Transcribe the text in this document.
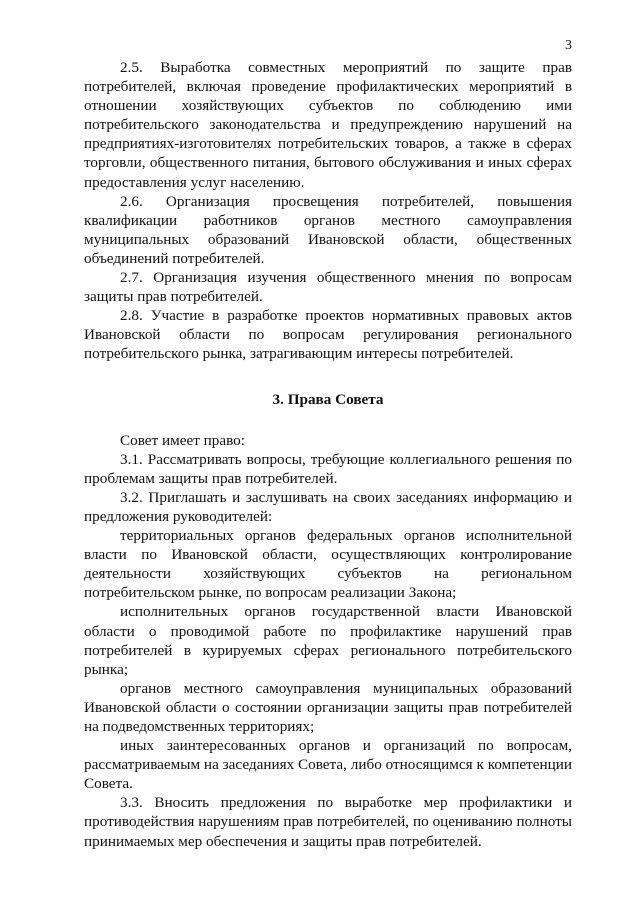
3

2.5. Выработка совместных мероприятий по защите прав потребителей, включая проведение профилактических мероприятий в отношении хозяйствующих субъектов по соблюдению ими потребительского законодательства и предупреждению нарушений на предприятиях-изготовителях потребительских товаров, а также в сферах торговли, общественного питания, бытового обслуживания и иных сферах предоставления услуг населению.

2.6. Организация просвещения потребителей, повышения квалификации работников органов местного самоуправления муниципальных образований Ивановской области, общественных объединений потребителей.

2.7. Организация изучения общественного мнения по вопросам защиты прав потребителей.

2.8. Участие в разработке проектов нормативных правовых актов Ивановской области по вопросам регулирования регионального потребительского рынка, затрагивающим интересы потребителей.

3. Права Совета

Совет имеет право:

3.1. Рассматривать вопросы, требующие коллегиального решения по проблемам защиты прав потребителей.

3.2. Приглашать и заслушивать на своих заседаниях информацию и предложения руководителей:

территориальных органов федеральных органов исполнительной власти по Ивановской области, осуществляющих контролирование деятельности хозяйствующих субъектов на региональном потребительском рынке, по вопросам реализации Закона;

исполнительных органов государственной власти Ивановской области о проводимой работе по профилактике нарушений прав потребителей в курируемых сферах регионального потребительского рынка;

органов местного самоуправления муниципальных образований Ивановской области о состоянии организации защиты прав потребителей на подведомственных территориях;

иных заинтересованных органов и организаций по вопросам, рассматриваемым на заседаниях Совета, либо относящимся к компетенции Совета.

3.3. Вносить предложения по выработке мер профилактики и противодействия нарушениям прав потребителей, по оцениванию полноты принимаемых мер обеспечения и защиты прав потребителей.
